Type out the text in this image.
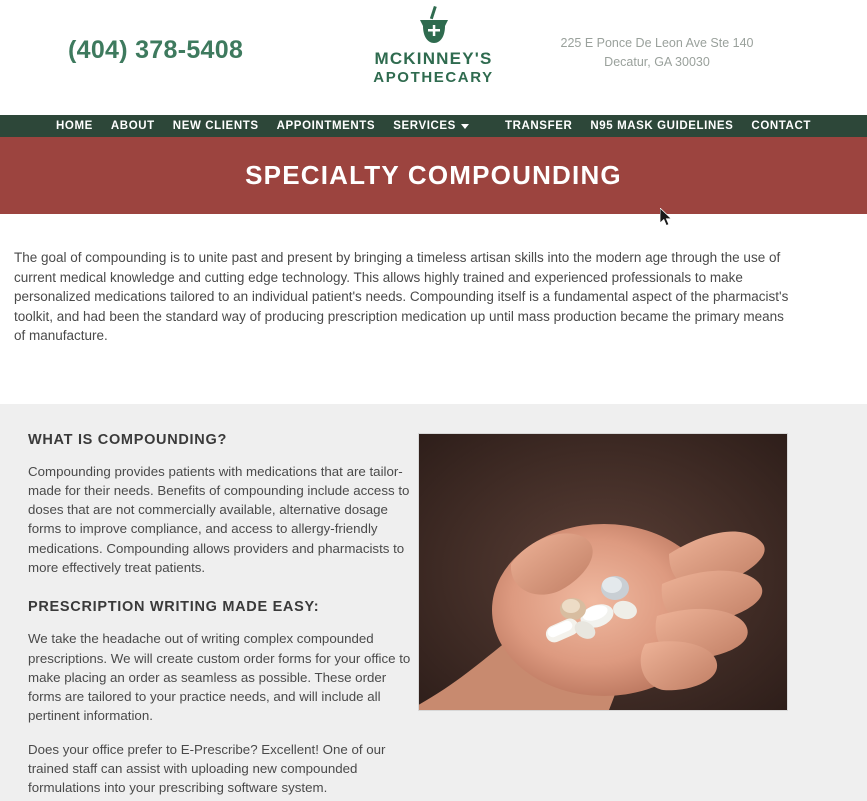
(404) 378-5408	MCKINNEY'S
APOTHECARY
225 E Ponce De Leon Ave Ste 140
Decatur, GA 30030
HOME	ABOUT	NEW CLIENTS	APPOINTMENTS	SERVICES	TRANSFER	N95 MASK GUIDELINES	CONTACT
SPECIALTY COMPOUNDING

The goal of compounding is to unite past and present by bringing a timeless artisan skills into the modern age through the use of current medical knowledge and cutting edge technology. This allows highly trained and experienced professionals to make personalized medications tailored to an individual patient's needs. Compounding itself is a fundamental aspect of the pharmacist's toolkit, and had been the standard way of producing prescription medication up until mass production became the primary means of manufacture.

WHAT IS COMPOUNDING?

Compounding provides patients with medications that are tailor-made for their needs. Benefits of compounding include access to doses that are not commercially available, alternative dosage forms to improve compliance, and access to allergy-friendly medications. Compounding allows providers and pharmacists to more effectively treat patients.

PRESCRIPTION WRITING MADE EASY:

We take the headache out of writing complex compounded prescriptions. We will create custom order forms for your office to make placing an order as seamless as possible. These order forms are tailored to your practice needs, and will include all pertinent information.

Does your office prefer to E-Prescribe? Excellent! One of our trained staff can assist with uploading new compounded formulations into your prescribing software system.
